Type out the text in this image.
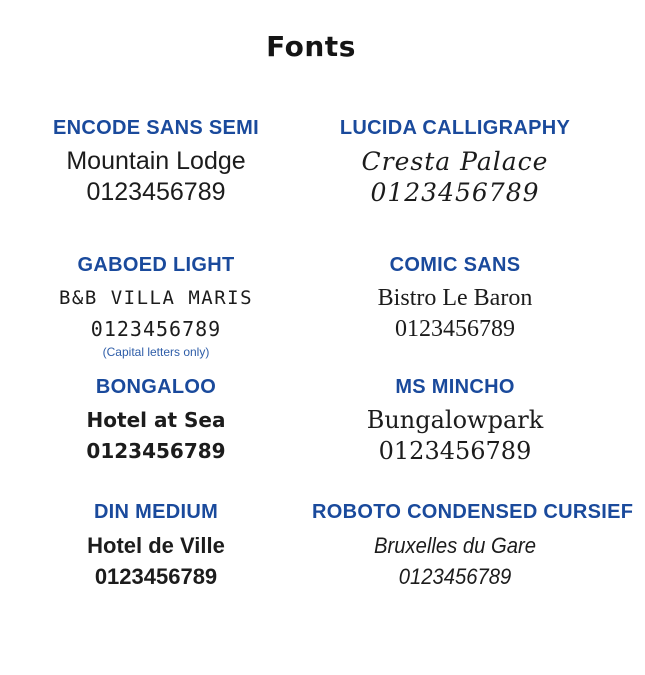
Fonts
ENCODE SANS SEMI
Mountain Lodge
0123456789
GABOED LIGHT
B&B VILLA MARIS
0123456789
(Capital letters only)
BONGALOO
Hotel at Sea
0123456789
DIN MEDIUM
Hotel de Ville
0123456789
LUCIDA CALLIGRAPHY
Cresta Palace
0123456789
COMIC SANS
Bistro Le Baron
0123456789
MS MINCHO
Bungalowpark
0123456789
ROBOTO CONDENSED CURSIEF
Bruxelles du Gare
0123456789
